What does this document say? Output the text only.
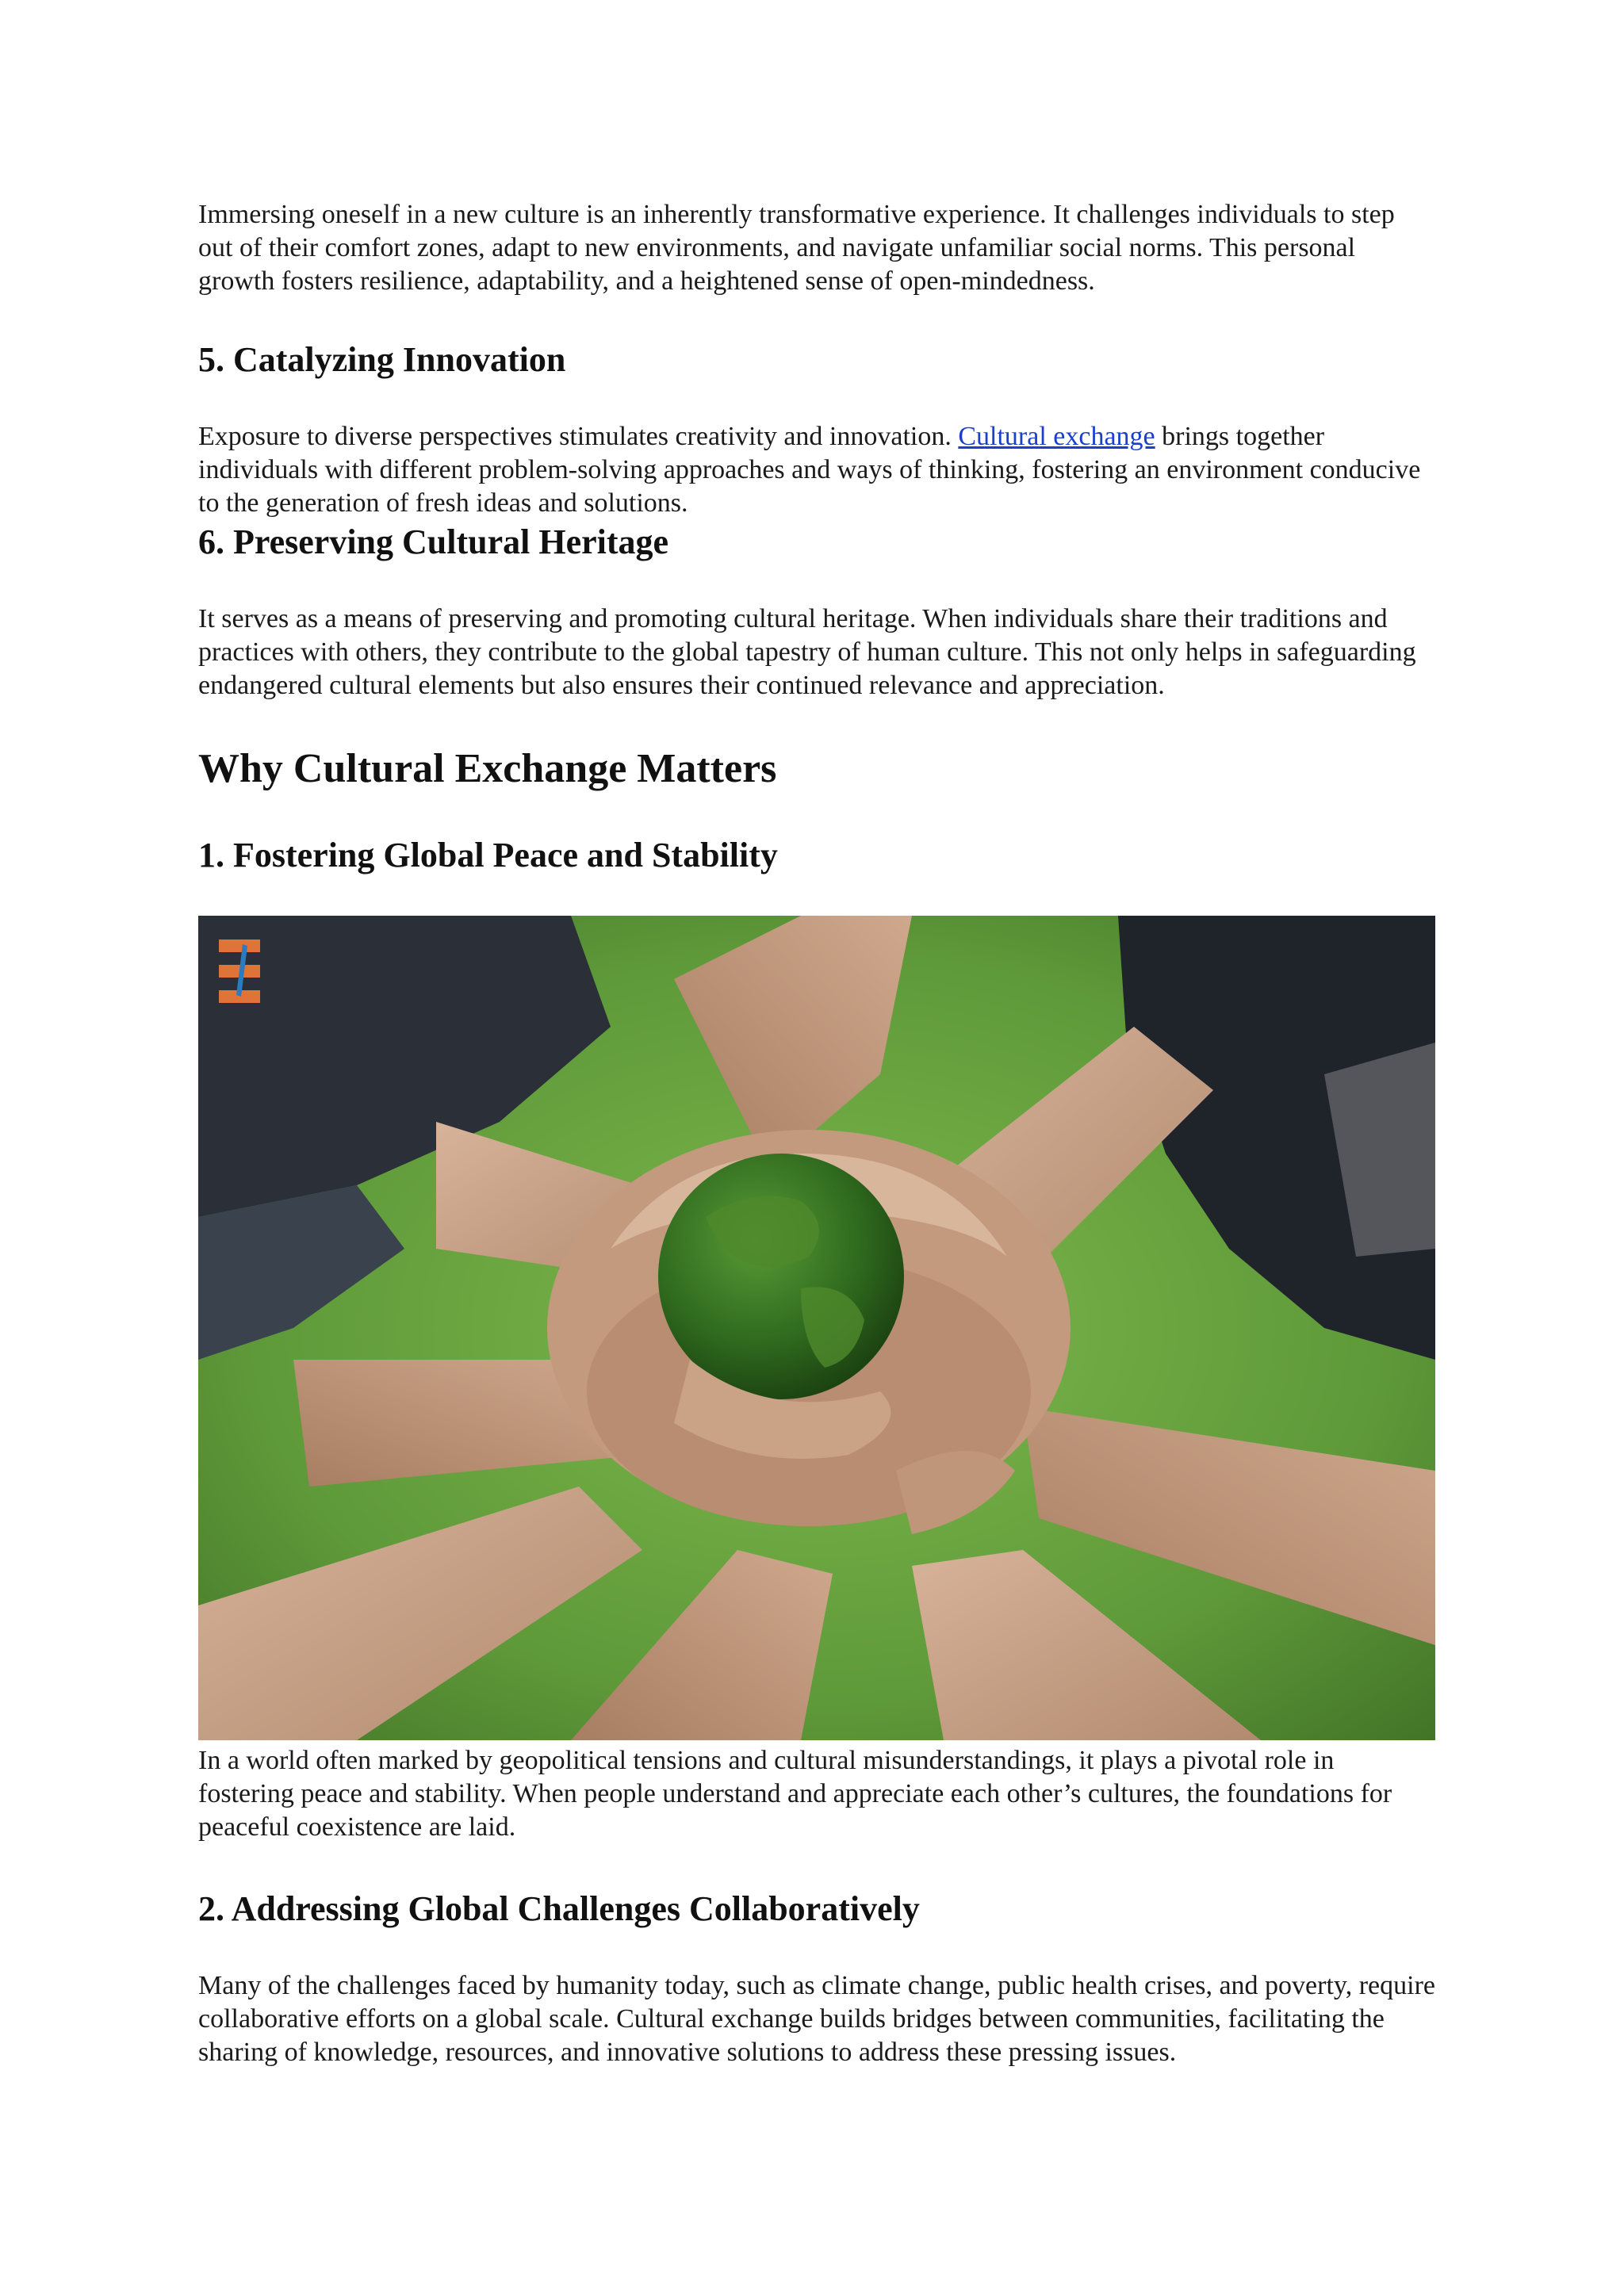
Immersing oneself in a new culture is an inherently transformative experience. It challenges individuals to step out of their comfort zones, adapt to new environments, and navigate unfamiliar social norms. This personal growth fosters resilience, adaptability, and a heightened sense of open-mindedness.

5. Catalyzing Innovation

Exposure to diverse perspectives stimulates creativity and innovation. Cultural exchange brings together individuals with different problem-solving approaches and ways of thinking, fostering an environment conducive to the generation of fresh ideas and solutions.

6. Preserving Cultural Heritage

It serves as a means of preserving and promoting cultural heritage. When individuals share their traditions and practices with others, they contribute to the global tapestry of human culture. This not only helps in safeguarding endangered cultural elements but also ensures their continued relevance and appreciation.

Why Cultural Exchange Matters
1. Fostering Global Peace and Stability

In a world often marked by geopolitical tensions and cultural misunderstandings, it plays a pivotal role in fostering peace and stability. When people understand and appreciate each other’s cultures, the foundations for peaceful coexistence are laid.

2. Addressing Global Challenges Collaboratively

Many of the challenges faced by humanity today, such as climate change, public health crises, and poverty, require collaborative efforts on a global scale. Cultural exchange builds bridges between communities, facilitating the sharing of knowledge, resources, and innovative solutions to address these pressing issues.
